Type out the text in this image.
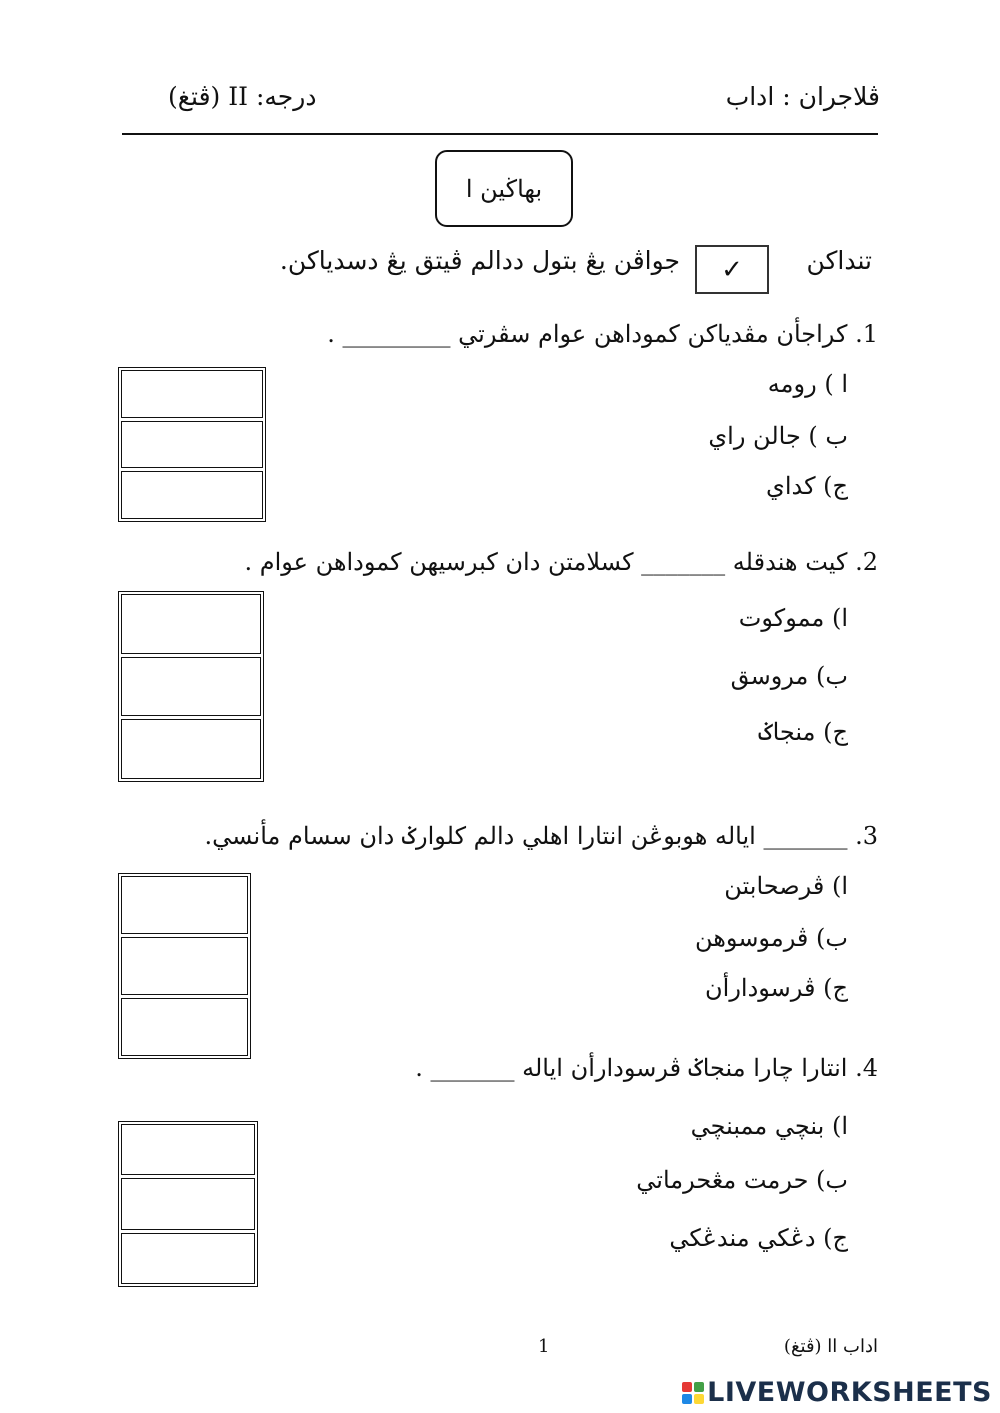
درجه: II (ڤتغ)	ڤلاجران : اداب
بهاڬين ا
تنداکن
✓
جواڤن يڠ بتول ددالم ڤيتق يڠ دسدياکن.
1. کراجأن مڤدياکن کموداهن عوام سڤرتي _________ .
ا ) رومه
ب ) جالن راي
ج) کداي
2. کيت هندقله _______ کسلامتن دان کبرسيهن کموداهن عوام .
ا) مموکوت
ب) مروسق
ج) منجاݢ
3. _______ اياله هوبوڠن انتارا اهلي دالم کلوارݢ دان سسام مأنسي.
ا) ڤرصحابتن
ب) ڤرموسوهن
ج) ڤرسودارأن
4. انتارا چارا منجاݢ ڤرسودارأن اياله _______ .
ا) بنچي ممبنچي
ب) حرمت مڠحرماتي
ج) دڠکي مندڠکي
1	اداب اا (ڤتغ)
LIVEWORKSHEETS
